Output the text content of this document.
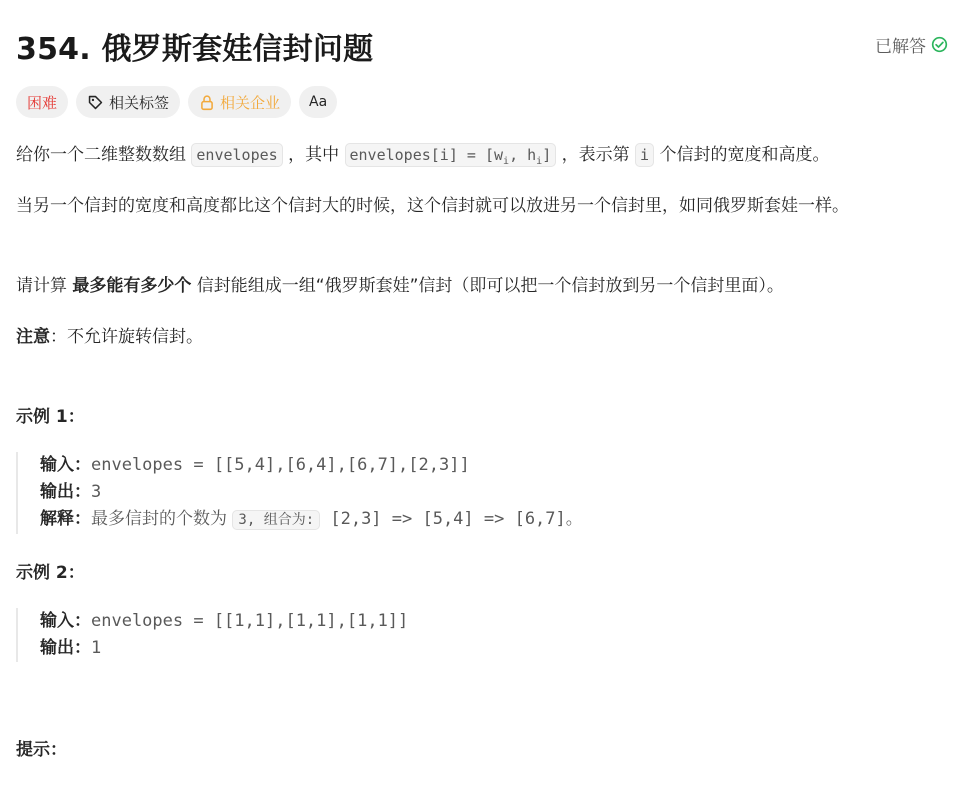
354. 俄罗斯套娃信封问题	已解答
困难	相关标签	相关企业 Aa

给你一个二维整数数组 envelopes ，其中 envelopes[i] = [$w_i$, $h_i$] ，表示第 i 个信封的宽度和高度。

当另一个信封的宽度和高度都比这个信封大的时候，这个信封就可以放进另一个信封里，如同俄罗斯套娃一样。

请计算 最多能有多少个 信封能组成一组“俄罗斯套娃”信封（即可以把一个信封放到另一个信封里面）。

注意：不允许旋转信封。

示例 1：
输入：envelopes = [[5,4],[6,4],[6,7],[2,3]]
输出：3
解释：最多信封的个数为 3, 组合为: [2,3] => [5,4] => [6,7]。
示例 2：
输入：envelopes = [[1,1],[1,1],[1,1]]
输出：1
提示：
